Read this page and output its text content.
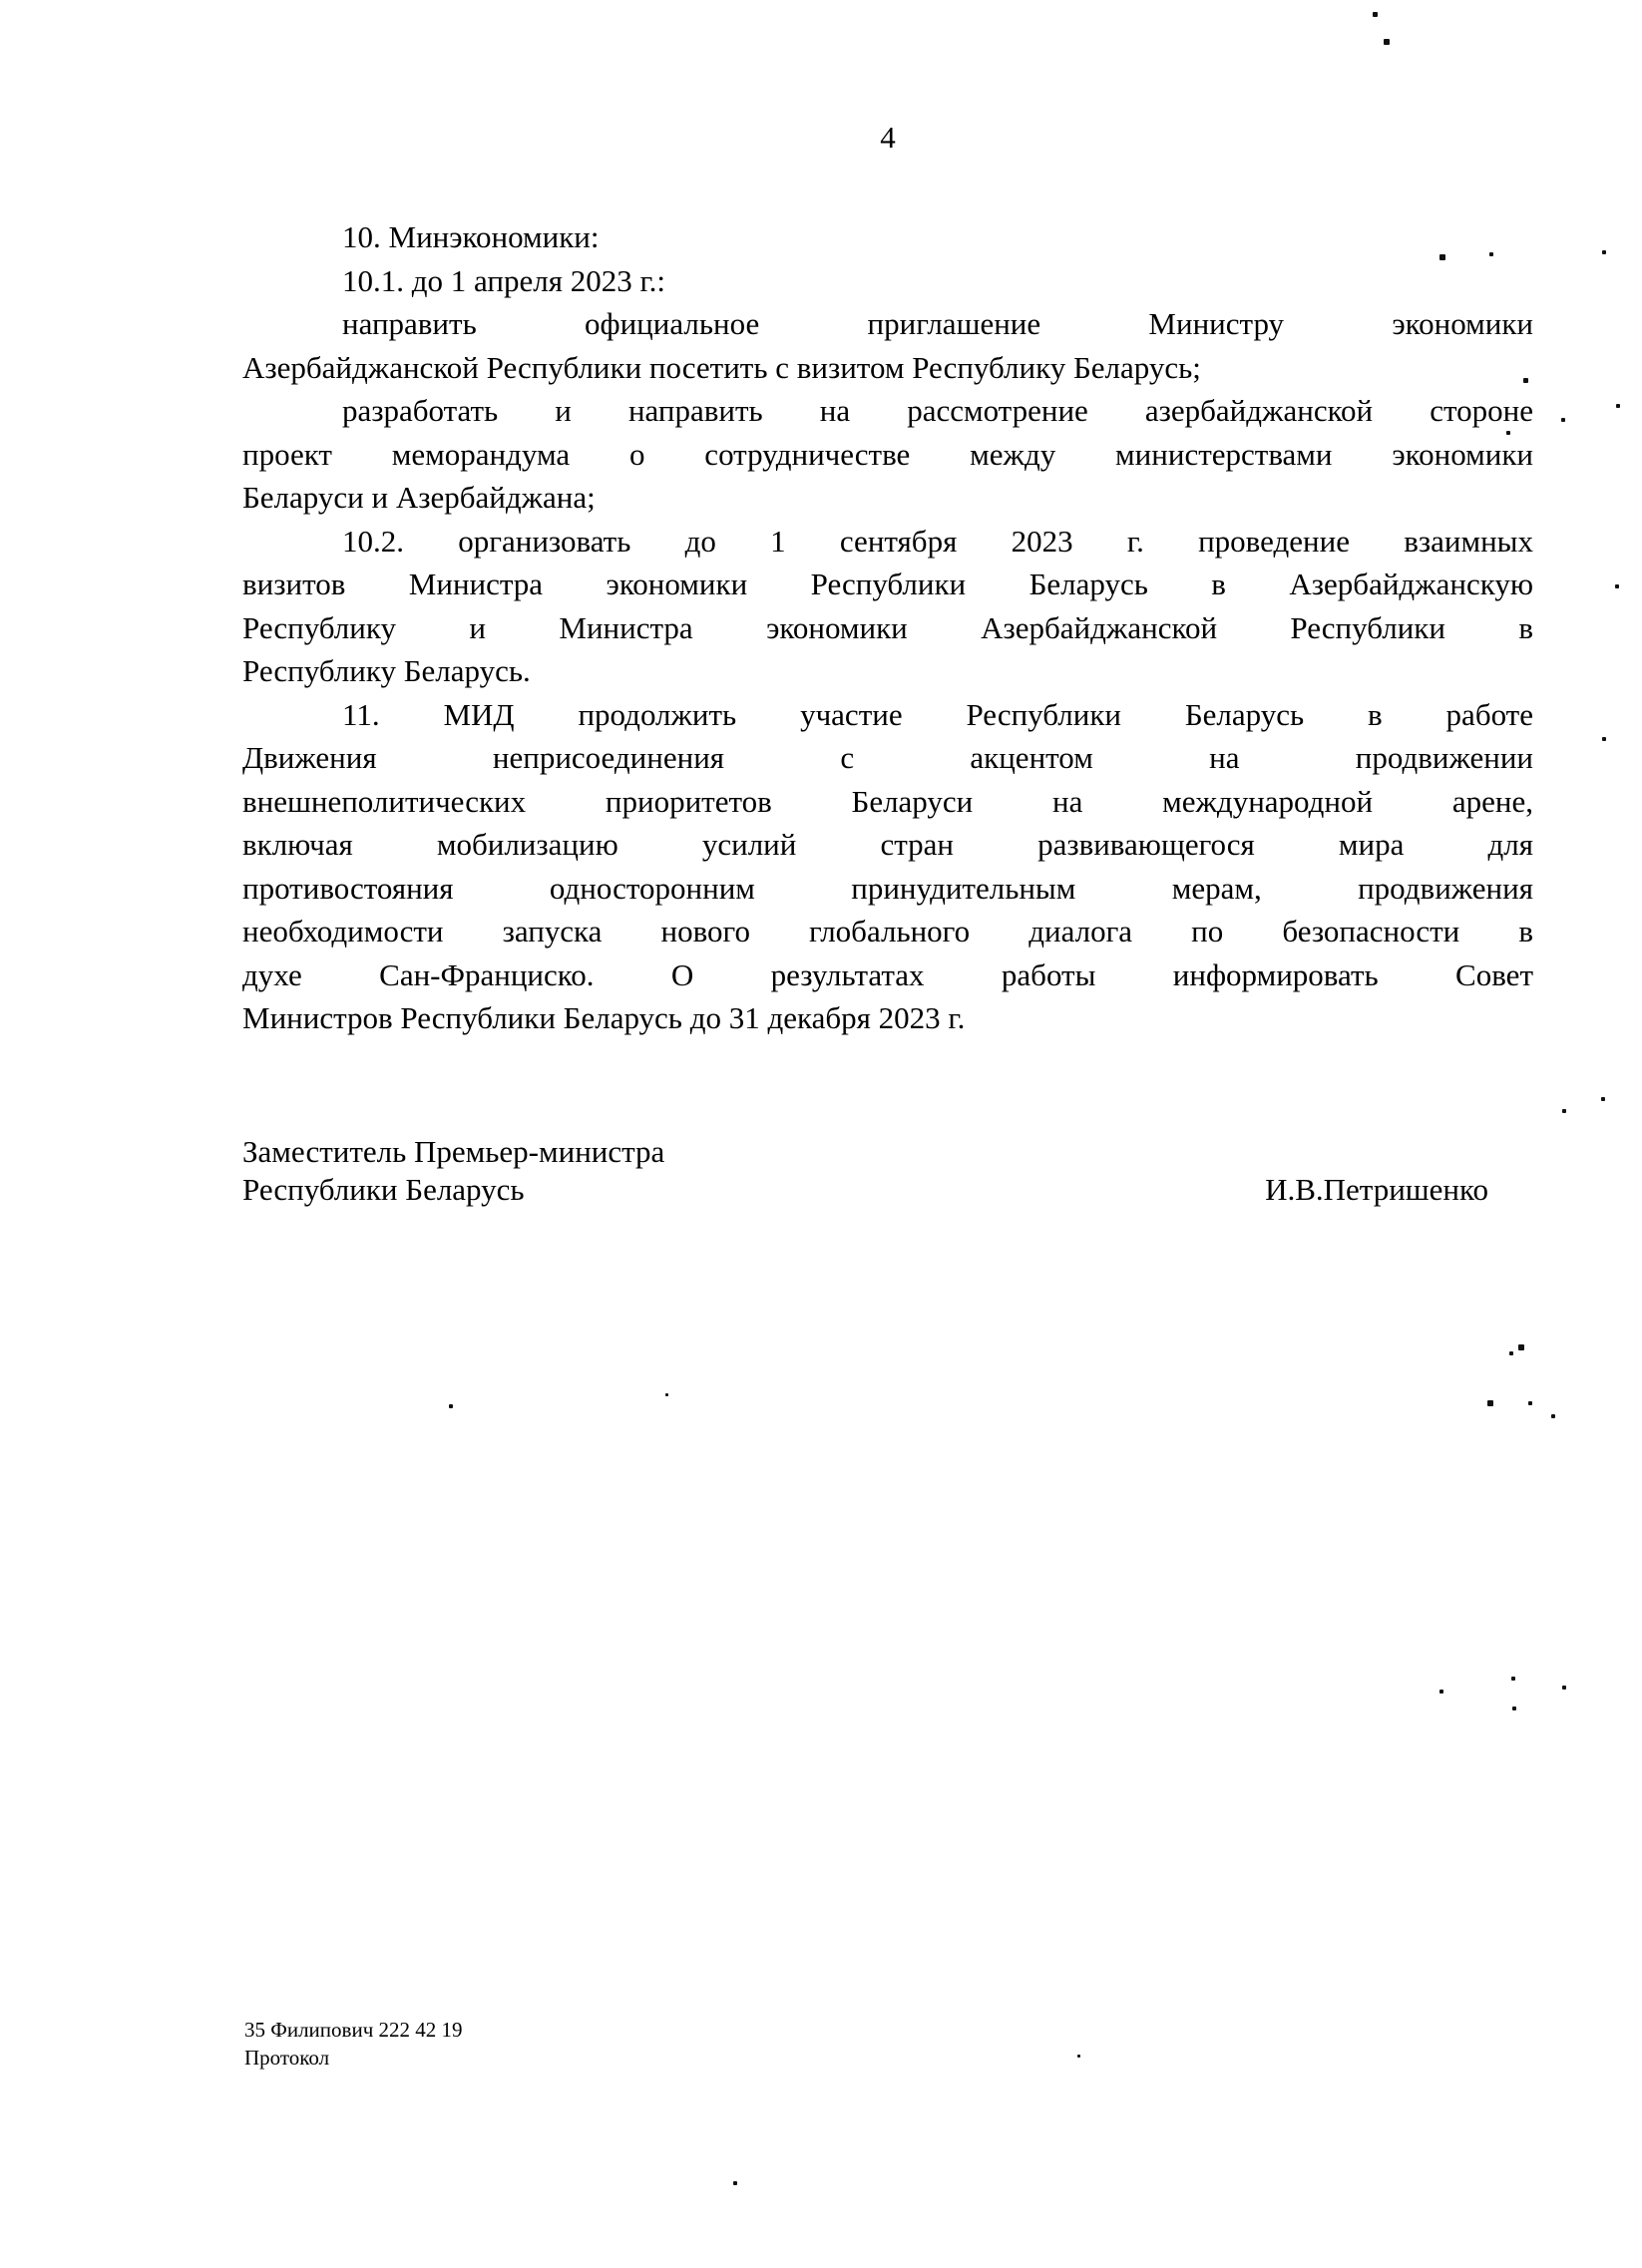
4
10. Минэкономики:
10.1. до 1 апреля 2023 г.:
направить официальное приглашение Министру экономики
Азербайджанской Республики посетить с визитом Республику Беларусь;
разработать и направить на рассмотрение азербайджанской стороне
проект меморандума о сотрудничестве между министерствами экономики
Беларуси и Азербайджана;
10.2. организовать до 1 сентября 2023 г. проведение взаимных
визитов Министра экономики Республики Беларусь в Азербайджанскую
Республику и Министра экономики Азербайджанской Республики в
Республику Беларусь.
11. МИД продолжить участие Республики Беларусь в работе
Движения неприсоединения с акцентом на продвижении
внешнеполитических приоритетов Беларуси на международной арене,
включая мобилизацию усилий стран развивающегося мира для
противостояния односторонним принудительным мерам, продвижения
необходимости запуска нового глобального диалога по безопасности в
духе Сан-Франциско. О результатах работы информировать Совет
Министров Республики Беларусь до 31 декабря 2023 г.
Заместитель Премьер-министра
Республики Беларусь	И.В.Петришенко
35 Филипович 222 42 19
Протокол
